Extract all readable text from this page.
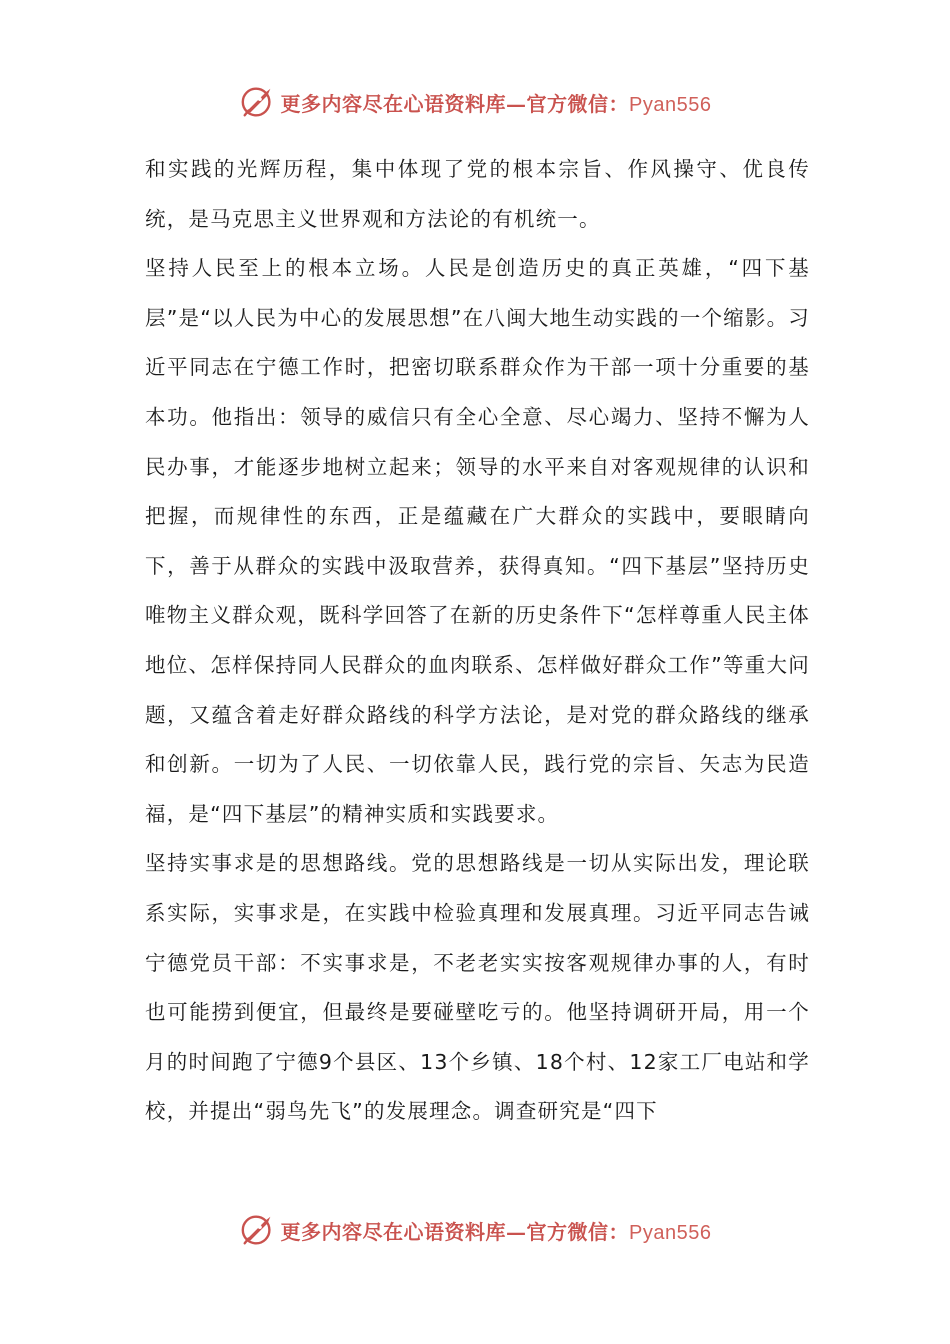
更多内容尽在心语资料库—官方微信：Pyan556

和实践的光辉历程，集中体现了党的根本宗旨、作风操守、优良传统，是马克思主义世界观和方法论的有机统一。

坚持人民至上的根本立场。人民是创造历史的真正英雄，“四下基层”是“以人民为中心的发展思想”在八闽大地生动实践的一个缩影。习近平同志在宁德工作时，把密切联系群众作为干部一项十分重要的基本功。他指出：领导的威信只有全心全意、尽心竭力、坚持不懈为人民办事，才能逐步地树立起来；领导的水平来自对客观规律的认识和把握，而规律性的东西，正是蕴藏在广大群众的实践中，要眼睛向下，善于从群众的实践中汲取营养，获得真知。“四下基层”坚持历史唯物主义群众观，既科学回答了在新的历史条件下“怎样尊重人民主体地位、怎样保持同人民群众的血肉联系、怎样做好群众工作”等重大问题，又蕴含着走好群众路线的科学方法论，是对党的群众路线的继承和创新。一切为了人民、一切依靠人民，践行党的宗旨、矢志为民造福，是“四下基层”的精神实质和实践要求。

坚持实事求是的思想路线。党的思想路线是一切从实际出发，理论联系实际，实事求是，在实践中检验真理和发展真理。习近平同志告诫宁德党员干部：不实事求是，不老老实实按客观规律办事的人，有时也可能捞到便宜，但最终是要碰壁吃亏的。他坚持调研开局，用一个月的时间跑了宁德9个县区、13个乡镇、18个村、12家工厂电站和学校，并提出“弱鸟先飞”的发展理念。调查研究是“四下

更多内容尽在心语资料库—官方微信：Pyan556
